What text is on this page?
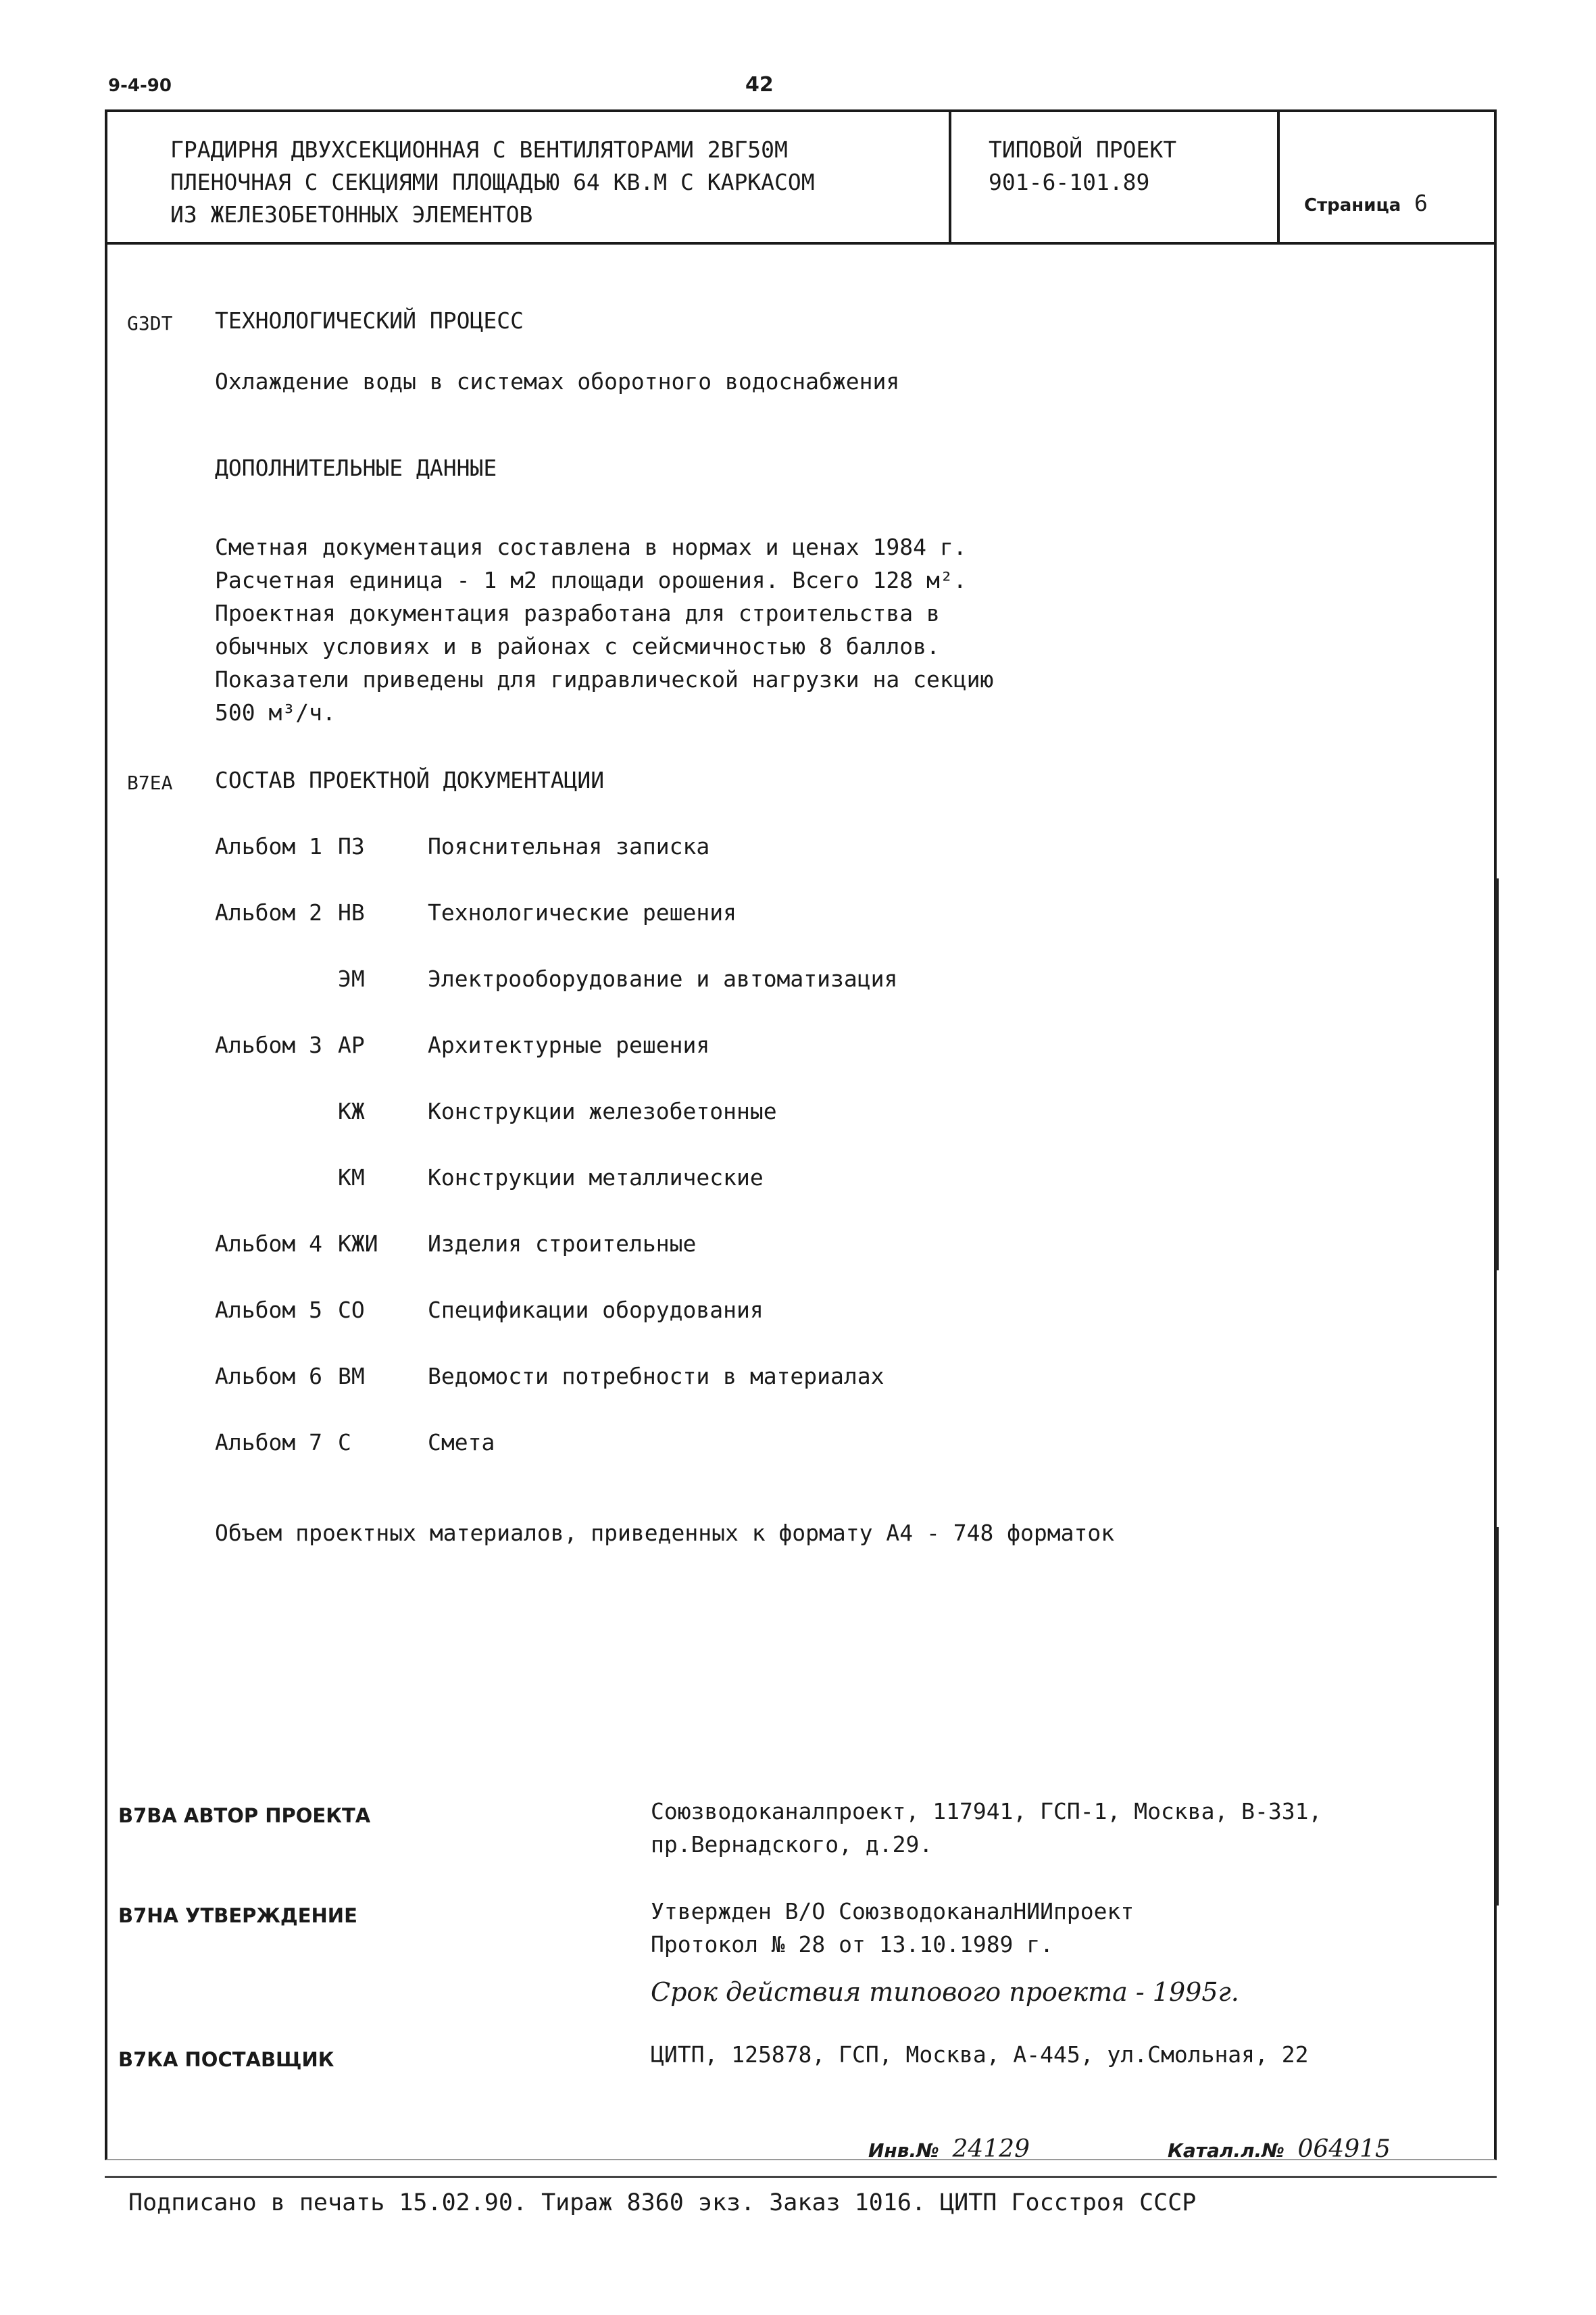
9-4-90	42
ГРАДИРНЯ ДВУХСЕКЦИОННАЯ С ВЕНТИЛЯТОРАМИ 2ВГ50М
ПЛЕНОЧНАЯ С СЕКЦИЯМИ ПЛОЩАДЬЮ 64 КВ.М С КАРКАСОМ
ИЗ ЖЕЛЕЗОБЕТОННЫХ ЭЛЕМЕНТОВ
ТИПОВОЙ ПРОЕКТ
901-6-101.89
Страница 6
G3DT ТЕХНОЛОГИЧЕСКИЙ ПРОЦЕСС
Охлаждение воды в системах оборотного водоснабжения
ДОПОЛНИТЕЛЬНЫЕ ДАННЫЕ
Сметная документация составлена в нормах и ценах 1984 г.
Расчетная единица - 1 м2 площади орошения. Всего 128 м².
Проектная документация разработана для строительства в
обычных условиях и в районах с сейсмичностью 8 баллов.
Показатели приведены для гидравлической нагрузки на секцию
500 м³/ч.
В7ЕА СОСТАВ ПРОЕКТНОЙ ДОКУМЕНТАЦИИ
Альбом 1 ПЗ	Пояснительная записка
Альбом 2 НВ	Технологические решения
ЭМ	Электрооборудование и автоматизация
Альбом 3 АР	Архитектурные решения
КЖ	Конструкции железобетонные
КМ	Конструкции металлические
Альбом 4 КЖИ Изделия строительные
Альбом 5 СО	Спецификации оборудования
Альбом 6 ВМ	Ведомости потребности в материалах
Альбом 7 С	Смета
Объем проектных материалов, приведенных к формату А4 - 748 форматок
В7ВА АВТОР ПРОЕКТА	Союзводоканалпроект, 117941, ГСП-1, Москва, В-331,
пр.Вернадского, д.29.
В7НА УТВЕРЖДЕНИЕ	Утвержден В/О СоюзводоканалНИИпроект
Протокол № 28 от 13.10.1989 г.
Срок действия типового проекта - 1995г.
В7КА ПОСТАВЩИК	ЦИТП, 125878, ГСП, Москва, А-445, ул.Смольная, 22
Инв.№ 24129	Катал.л.№ 064915
Подписано в печать 15.02.90. Тираж 8360 экз. Заказ 1016. ЦИТП Госстроя СССР
